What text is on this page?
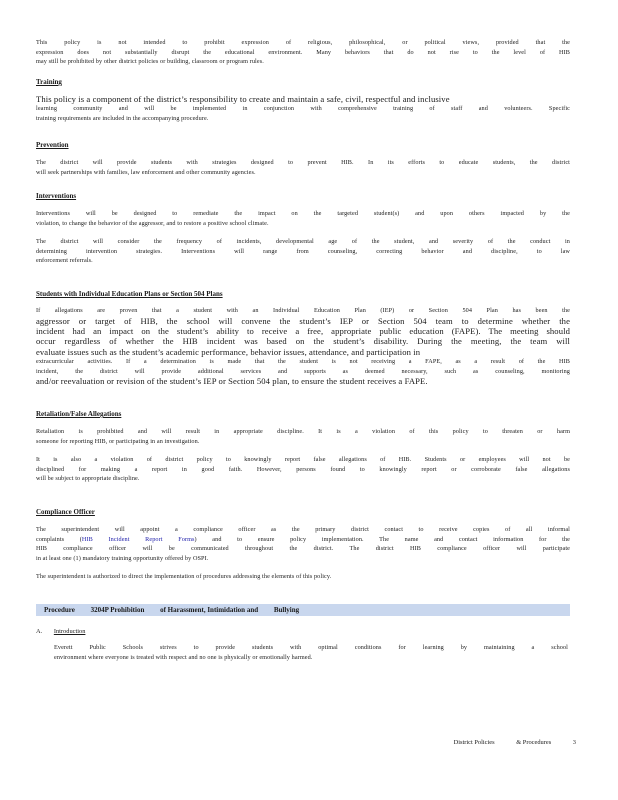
This policy is not intended to prohibit expression of religious, philosophical, or political views, provided that the

expression does not substantially disrupt the educational environment. Many behaviors that do not rise to the level of HIB

may still be prohibited by other district policies or building, classroom or program rules.

Training

This policy is a component of the district’s responsibility to create and maintain a safe, civil, respectful and inclusive

learning community and will be implemented in conjunction with comprehensive training of staff and volunteers. Specific

training requirements are included in the accompanying procedure.

Prevention

The district will provide students with strategies designed to prevent HIB. In its efforts to educate students, the district

will seek partnerships with families, law enforcement and other community agencies.

Interventions

Interventions will be designed to remediate the impact on the targeted student(s) and upon others impacted by the

violation, to change the behavior of the aggressor, and to restore a positive school climate.

The district will consider the frequency of incidents, developmental age of the student, and severity of the conduct in

determining intervention strategies. Interventions will range from counseling, correcting behavior and discipline, to law

enforcement referrals.

Students with Individual Education Plans or Section 504 Plans

If allegations are proven that a student with an Individual Education Plan (IEP) or Section 504 Plan has been the

aggressor or target of HIB, the school will convene the student’s IEP or Section 504 team to determine whether the

incident had an impact on the student’s ability to receive a free, appropriate public education (FAPE). The meeting should

occur regardless of whether the HIB incident was based on the student’s disability. During the meeting, the team will

evaluate issues such as the student’s academic performance, behavior issues, attendance, and participation in

extracurricular activities. If a determination is made that the student is not receiving a FAPE, as a result of the HIB

incident, the district will provide additional services and supports as deemed necessary, such as counseling, monitoring

and/or reevaluation or revision of the student’s IEP or Section 504 plan, to ensure the student receives a FAPE.

Retaliation/False Allegations

Retaliation is prohibited and will result in appropriate discipline. It is a violation of this policy to threaten or harm

someone for reporting HIB, or participating in an investigation.

It is also a violation of district policy to knowingly report false allegations of HIB. Students or employees will not be

disciplined for making a report in good faith. However, persons found to knowingly report or corroborate false allegations

will be subject to appropriate discipline.

Compliance Officer

The superintendent will appoint a compliance officer as the primary district contact to receive copies of all informal

complaints (HIB Incident Report Forms) and to ensure policy implementation. The name and contact information for the

HIB compliance officer will be communicated throughout the district. The district HIB compliance officer will participate

in at least one (1) mandatory training opportunity offered by OSPI.

The superintendent is authorized to direct the implementation of procedures addressing the elements of this policy.

Procedure 3204P Prohibition of Harassment, Intimidation and Bullying
A. Introduction

Everett Public Schools strives to provide students with optimal conditions for learning by maintaining a school

environment where everyone is treated with respect and no one is physically or emotionally harmed.

District Policies	& Procedures	3
